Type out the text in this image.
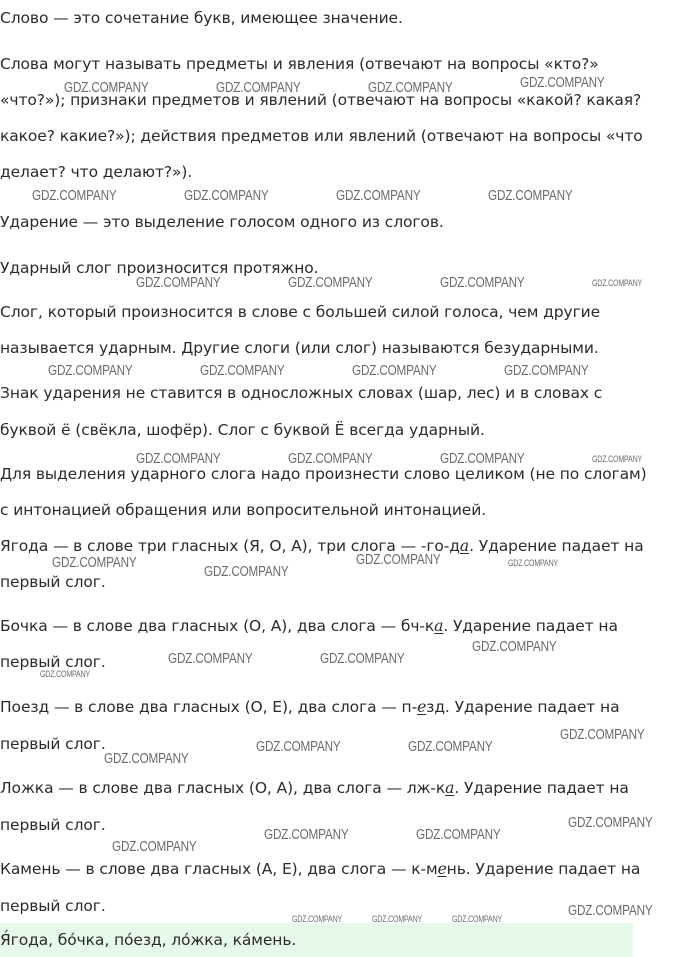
Слово — это сочетание букв, имеющее значение.
Слова могут называть предметы и явления (отвечают на вопросы «кто?»
«что?»); признаки предметов и явлений (отвечают на вопросы «какой? какая?
какое? какие?»); действия предметов или явлений (отвечают на вопросы «что
делает? что делают?»).
Ударение — это выделение голосом одного из слогов.
Ударный слог произносится протяжно.
Слог, который произносится в слове с большей силой голоса, чем другие
называется ударным. Другие слоги (или слог) называются безударными.
Знак ударения не ставится в односложных словах (шар, лес) и в словах с
буквой ё (свёкла, шофёр). Слог с буквой Ё всегда ударный.
Для выделения ударного слога надо произнести слово целиком (не по слогам)
с интонацией обращения или вопросительной интонацией.
Ягода — в слове три гласных (Я, О, А), три слога — -го-да. Ударение падает на
первый слог.
Бочка — в слове два гласных (О, А), два слога — бч-ка. Ударение падает на
первый слог.
Поезд — в слове два гласных (О, Е), два слога — п-езд. Ударение падает на
первый слог.
Ложка — в слове два гласных (О, А), два слога — лж-ка. Ударение падает на
первый слог.
Камень — в слове два гласных (А, Е), два слога — к-мень. Ударение падает на
первый слог.
Я́года, бо́чка, по́езд, ло́жка, ка́мень.
GDZ.COMPANY	GDZ.COMPANY	GDZ.COMPANY	GDZ.COMPANY
GDZ.COMPANY	GDZ.COMPANY	GDZ.COMPANY	GDZ.COMPANY
GDZ.COMPANY	GDZ.COMPANY	GDZ.COMPANY	GDZ.COMPANY
GDZ.COMPANY	GDZ.COMPANY	GDZ.COMPANY	GDZ.COMPANY
GDZ.COMPANY	GDZ.COMPANY	GDZ.COMPANY	GDZ.COMPANY
GDZ.COMPANY
GDZ.COMPANY
GDZ.COMPANY	GDZ.COMPANY
GDZ.COMPANY
GDZ.COMPANY	GDZ.COMPANY
GDZ.COMPANY
GDZ.COMPANY
GDZ.COMPANY	GDZ.COMPANY
GDZ.COMPANY
GDZ.COMPANY
GDZ.COMPANY	GDZ.COMPANY
GDZ.COMPANY
GDZ.COMPANY	GDZ.COMPANY	GDZ.COMPANY	GDZ.COMPANY
